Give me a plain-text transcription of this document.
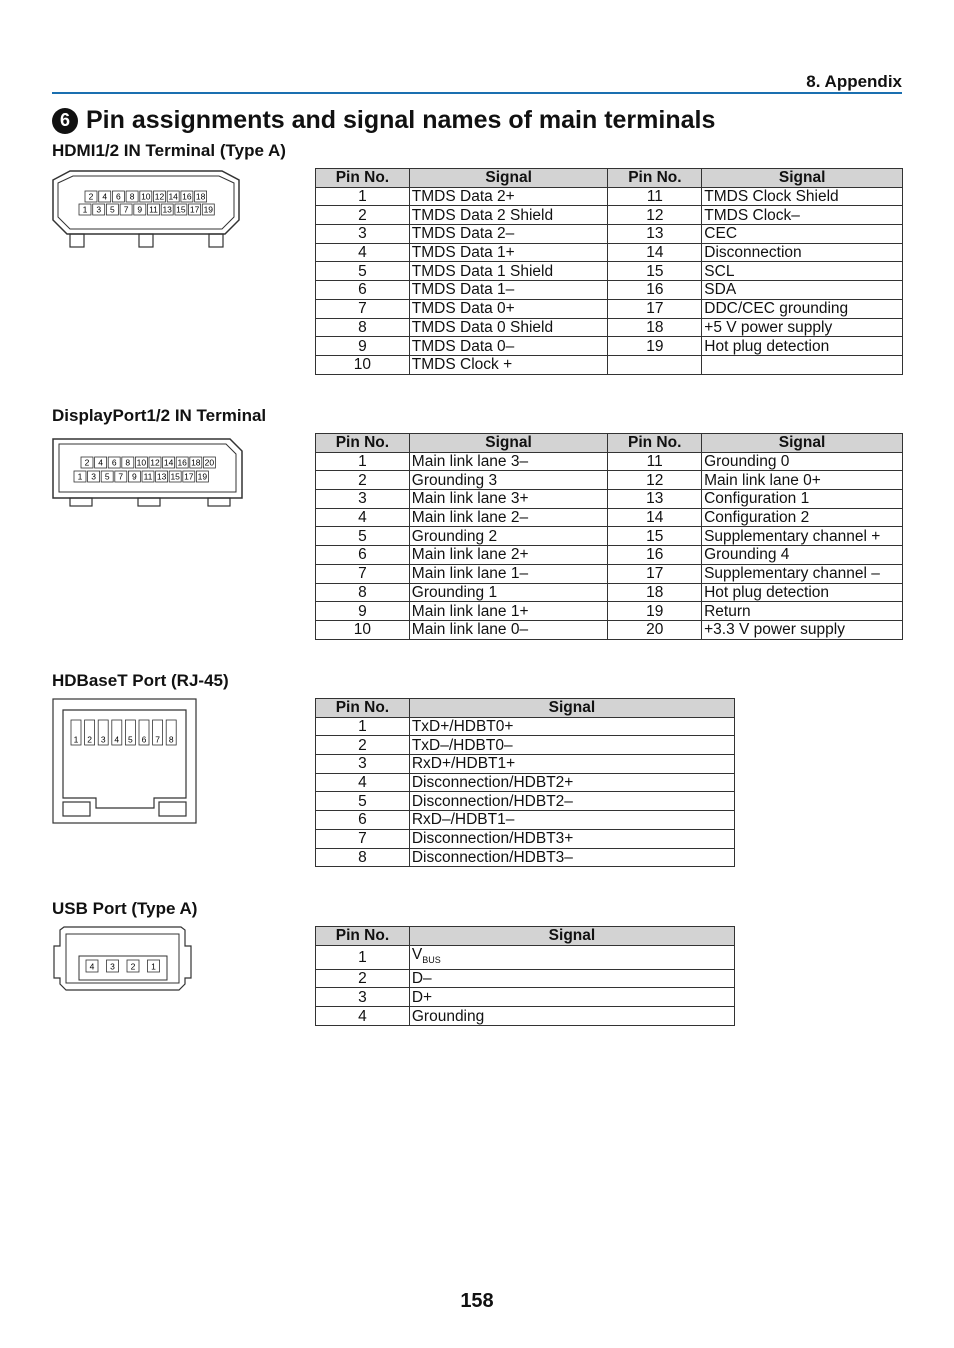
8. Appendix
6 Pin assignments and signal names of main terminals
HDMI1/2 IN Terminal (Type A)
2 4 6 8 10 12 14 16 18
1 3 5 7 9 11 13 15 17 19
Pin No.	Signal	Pin No.	Signal
1	TMDS Data 2+	11	TMDS Clock Shield
2	TMDS Data 2 Shield	12	TMDS Clock–
3	TMDS Data 2–	13	CEC
4	TMDS Data 1+	14	Disconnection
5	TMDS Data 1 Shield	15	SCL
6	TMDS Data 1–	16	SDA
7	TMDS Data 0+	17	DDC/CEC grounding
8	TMDS Data 0 Shield	18	+5 V power supply
9	TMDS Data 0–	19	Hot plug detection
10	TMDS Clock +		
DisplayPort1/2 IN Terminal
2 4 6 8 10 12 14 16 18 20
1 3 5 7 9 11 13 15 17 19
Pin No.	Signal	Pin No.	Signal
1	Main link lane 3–	11	Grounding 0
2	Grounding 3	12	Main link lane 0+
3	Main link lane 3+	13	Configuration 1
4	Main link lane 2–	14	Configuration 2
5	Grounding 2	15	Supplementary channel +
6	Main link lane 2+	16	Grounding 4
7	Main link lane 1–	17	Supplementary channel –
8	Grounding 1	18	Hot plug detection
9	Main link lane 1+	19	Return
10	Main link lane 0–	20	+3.3 V power supply
HDBaseT Port (RJ-45)
1 2 3 4 5 6 7 8
Pin No.	Signal
1	TxD+/HDBT0+
2	TxD–/HDBT0–
3	RxD+/HDBT1+
4	Disconnection/HDBT2+
5	Disconnection/HDBT2–
6	RxD–/HDBT1–
7	Disconnection/HDBT3+
8	Disconnection/HDBT3–
USB Port (Type A)
4 3 2 1
Pin No.	Signal
1	$V_{BUS}$
2	D–
3	D+
4	Grounding
158
